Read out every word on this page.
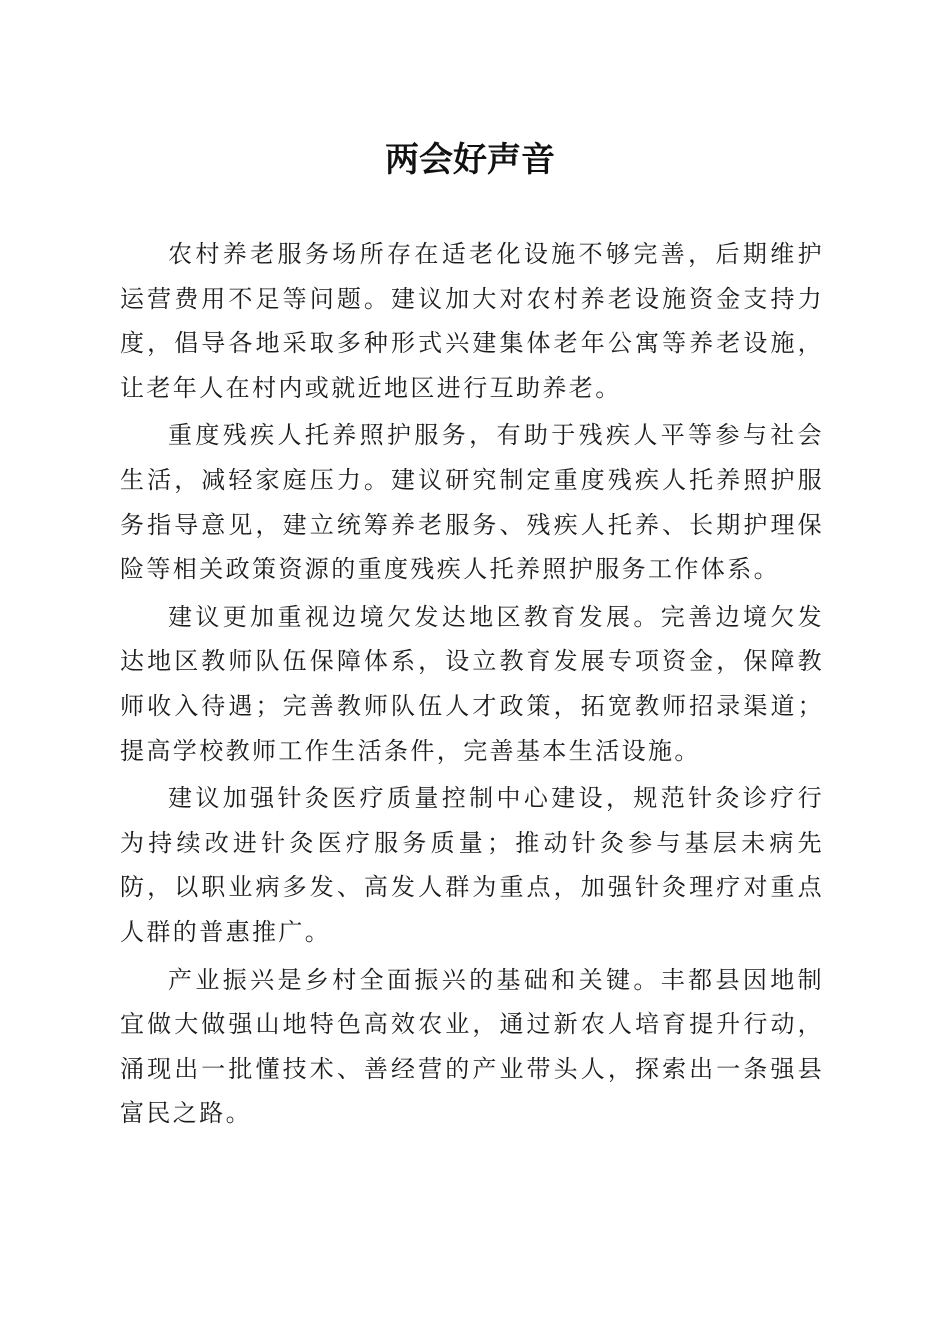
两会好声音

农村养老服务场所存在适老化设施不够完善，后期维护运营费用不足等问题。建议加大对农村养老设施资金支持力度，倡导各地采取多种形式兴建集体老年公寓等养老设施，让老年人在村内或就近地区进行互助养老。

重度残疾人托养照护服务，有助于残疾人平等参与社会生活，减轻家庭压力。建议研究制定重度残疾人托养照护服务指导意见，建立统筹养老服务、残疾人托养、长期护理保险等相关政策资源的重度残疾人托养照护服务工作体系。

建议更加重视边境欠发达地区教育发展。完善边境欠发达地区教师队伍保障体系，设立教育发展专项资金，保障教师收入待遇；完善教师队伍人才政策，拓宽教师招录渠道；提高学校教师工作生活条件，完善基本生活设施。

建议加强针灸医疗质量控制中心建设，规范针灸诊疗行为持续改进针灸医疗服务质量；推动针灸参与基层未病先防，以职业病多发、高发人群为重点，加强针灸理疗对重点人群的普惠推广。

产业振兴是乡村全面振兴的基础和关键。丰都县因地制宜做大做强山地特色高效农业，通过新农人培育提升行动，涌现出一批懂技术、善经营的产业带头人，探索出一条强县富民之路。
